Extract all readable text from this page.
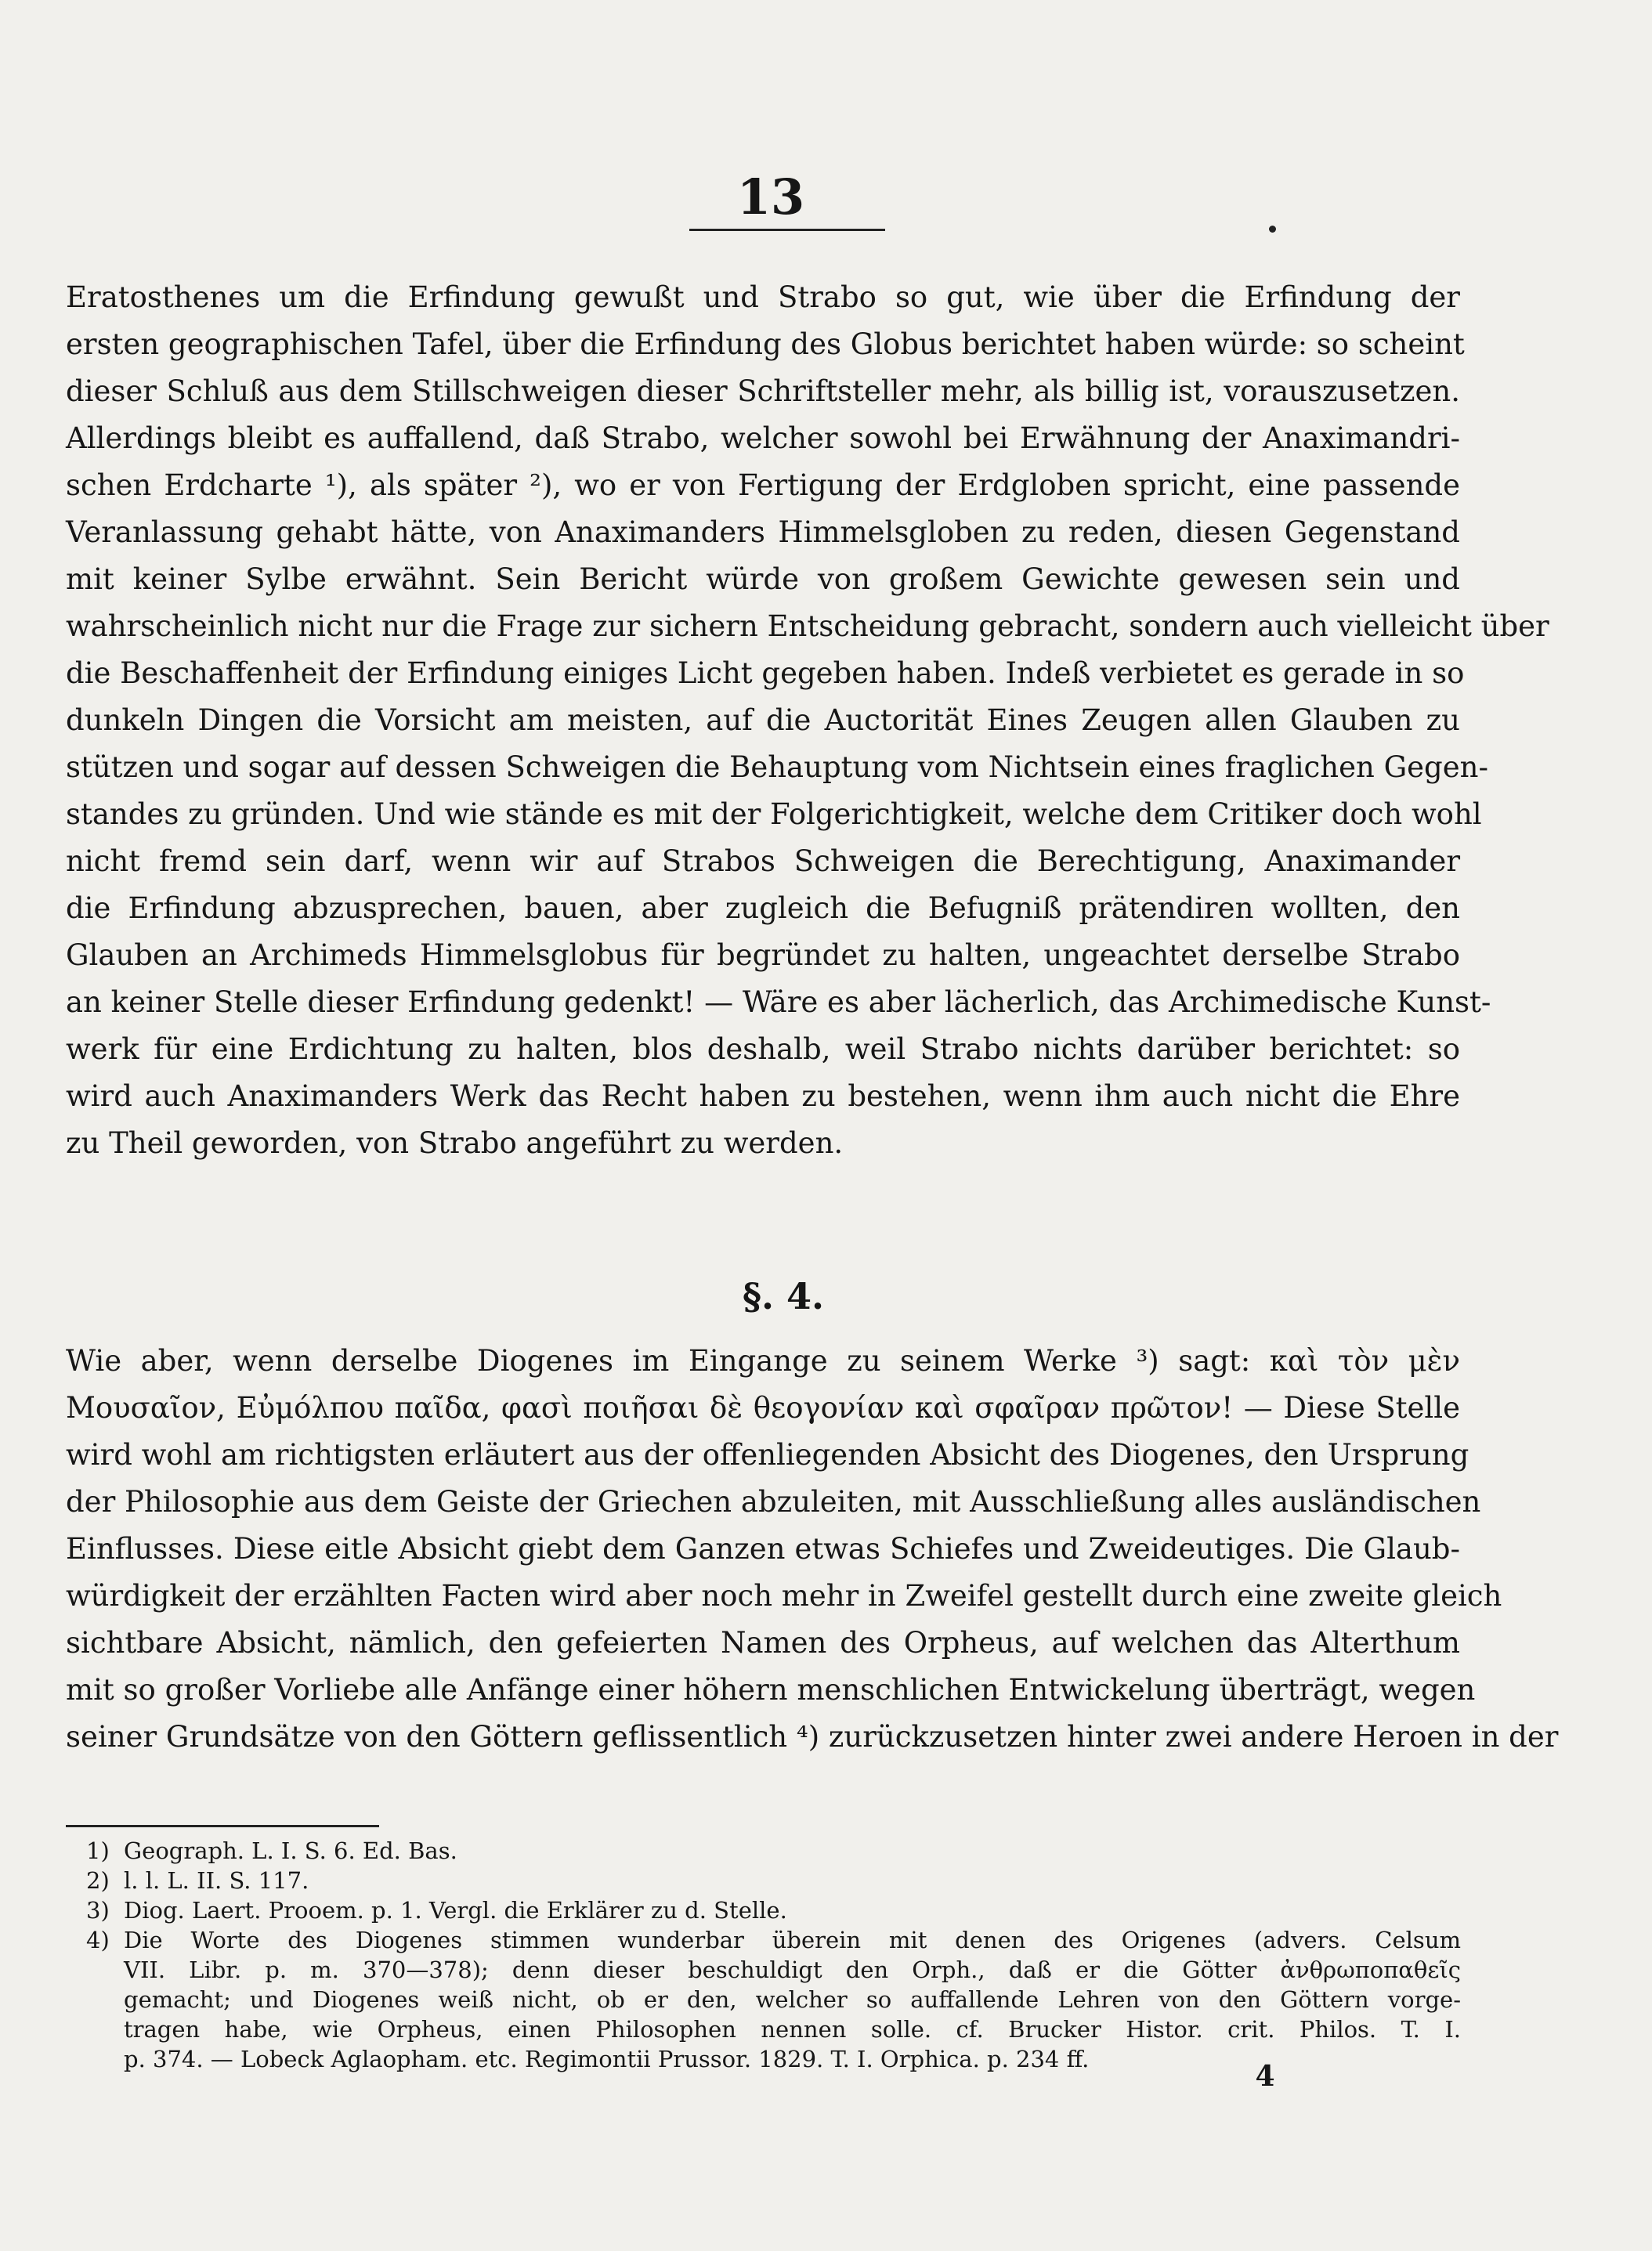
13
Eratosthenes um die Erfindung gewußt und Strabo so gut, wie über die Erfindung der
ersten geographischen Tafel, über die Erfindung des Globus berichtet haben würde: so scheint
dieser Schluß aus dem Stillschweigen dieser Schriftsteller mehr, als billig ist, vorauszusetzen.
Allerdings bleibt es auffallend, daß Strabo, welcher sowohl bei Erwähnung der Anaximandri-
schen Erdcharte ¹), als später ²), wo er von Fertigung der Erdgloben spricht, eine passende
Veranlassung gehabt hätte, von Anaximanders Himmelsgloben zu reden, diesen Gegenstand
mit keiner Sylbe erwähnt. Sein Bericht würde von großem Gewichte gewesen sein und
wahrscheinlich nicht nur die Frage zur sichern Entscheidung gebracht, sondern auch vielleicht über
die Beschaffenheit der Erfindung einiges Licht gegeben haben. Indeß verbietet es gerade in so
dunkeln Dingen die Vorsicht am meisten, auf die Auctorität Eines Zeugen allen Glauben zu
stützen und sogar auf dessen Schweigen die Behauptung vom Nichtsein eines fraglichen Gegen-
standes zu gründen. Und wie stände es mit der Folgerichtigkeit, welche dem Critiker doch wohl
nicht fremd sein darf, wenn wir auf Strabos Schweigen die Berechtigung, Anaximander
die Erfindung abzusprechen, bauen, aber zugleich die Befugniß prätendiren wollten, den
Glauben an Archimeds Himmelsglobus für begründet zu halten, ungeachtet derselbe Strabo
an keiner Stelle dieser Erfindung gedenkt! — Wäre es aber lächerlich, das Archimedische Kunst-
werk für eine Erdichtung zu halten, blos deshalb, weil Strabo nichts darüber berichtet: so
wird auch Anaximanders Werk das Recht haben zu bestehen, wenn ihm auch nicht die Ehre
zu Theil geworden, von Strabo angeführt zu werden.
§. 4.
Wie aber, wenn derselbe Diogenes im Eingange zu seinem Werke ³) sagt: καὶ τὸν μὲν
Μουσαῖον, Εὐμόλπου παῖδα, φασὶ ποιῆσαι δὲ θεογονίαν καὶ σφαῖραν πρῶτον! — Diese Stelle
wird wohl am richtigsten erläutert aus der offenliegenden Absicht des Diogenes, den Ursprung
der Philosophie aus dem Geiste der Griechen abzuleiten, mit Ausschließung alles ausländischen
Einflusses. Diese eitle Absicht giebt dem Ganzen etwas Schiefes und Zweideutiges. Die Glaub-
würdigkeit der erzählten Facten wird aber noch mehr in Zweifel gestellt durch eine zweite gleich
sichtbare Absicht, nämlich, den gefeierten Namen des Orpheus, auf welchen das Alterthum
mit so großer Vorliebe alle Anfänge einer höhern menschlichen Entwickelung überträgt, wegen
seiner Grundsätze von den Göttern geflissentlich ⁴) zurückzusetzen hinter zwei andere Heroen in der
1) Geograph. L. I. S. 6. Ed. Bas.
2) l. l. L. II. S. 117.
3) Diog. Laert. Prooem. p. 1. Vergl. die Erklärer zu d. Stelle.
4) Die Worte des Diogenes stimmen wunderbar überein mit denen des Origenes (advers. Celsum
VII. Libr. p. m. 370—378); denn dieser beschuldigt den Orph., daß er die Götter ἀνθρωποπαθεῖς
gemacht; und Diogenes weiß nicht, ob er den, welcher so auffallende Lehren von den Göttern vorge-
tragen habe, wie Orpheus, einen Philosophen nennen solle. cf. Brucker Histor. crit. Philos. T. I.
p. 374. — Lobeck Aglaopham. etc. Regimontii Prussor. 1829. T. I. Orphica. p. 234 ff.
4
